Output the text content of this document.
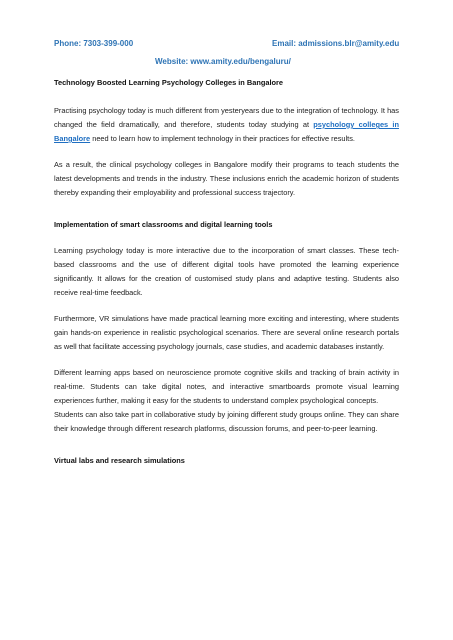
Phone: 7303-399-000	Email: admissions.blr@amity.edu
Website: www.amity.edu/bengaluru/

Technology Boosted Learning Psychology Colleges in Bangalore

Practising psychology today is much different from yesteryears due to the integration of technology. It has changed the field dramatically, and therefore, students today studying at psychology colleges in Bangalore need to learn how to implement technology in their practices for effective results.

As a result, the clinical psychology colleges in Bangalore modify their programs to teach students the latest developments and trends in the industry. These inclusions enrich the academic horizon of students thereby expanding their employability and professional success trajectory.

Implementation of smart classrooms and digital learning tools

Learning psychology today is more interactive due to the incorporation of smart classes. These tech-based classrooms and the use of different digital tools have promoted the learning experience significantly. It allows for the creation of customised study plans and adaptive testing. Students also receive real-time feedback.

Furthermore, VR simulations have made practical learning more exciting and interesting, where students gain hands-on experience in realistic psychological scenarios. There are several online research portals as well that facilitate accessing psychology journals, case studies, and academic databases instantly.

Different learning apps based on neuroscience promote cognitive skills and tracking of brain activity in real-time. Students can take digital notes, and interactive smartboards promote visual learning experiences further, making it easy for the students to understand complex psychological concepts.

Students can also take part in collaborative study by joining different study groups online. They can share their knowledge through different research platforms, discussion forums, and peer-to-peer learning.

Virtual labs and research simulations
